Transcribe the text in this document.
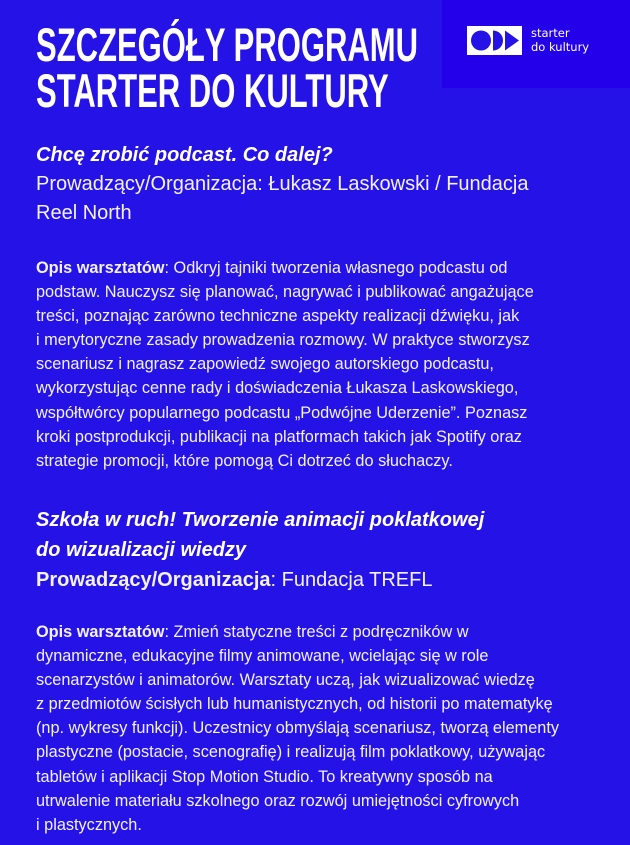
SZCZEGÓŁY PROGRAMU
STARTER DO KULTURY
starter
do kultury
Chcę zrobić podcast. Co dalej?
Prowadzący/Organizacja: Łukasz Laskowski / Fundacja
Reel North
Opis warsztatów: Odkryj tajniki tworzenia własnego podcastu od
podstaw. Nauczysz się planować, nagrywać i publikować angażujące
treści, poznając zarówno techniczne aspekty realizacji dźwięku, jak
i merytoryczne zasady prowadzenia rozmowy. W praktyce stworzysz
scenariusz i nagrasz zapowiedź swojego autorskiego podcastu,
wykorzystując cenne rady i doświadczenia Łukasza Laskowskiego,
współtwórcy popularnego podcastu „Podwójne Uderzenie”. Poznasz
kroki postprodukcji, publikacji na platformach takich jak Spotify oraz
strategie promocji, które pomogą Ci dotrzeć do słuchaczy.
Szkoła w ruch! Tworzenie animacji poklatkowej
do wizualizacji wiedzy
Prowadzący/Organizacja: Fundacja TREFL
Opis warsztatów: Zmień statyczne treści z podręczników w
dynamiczne, edukacyjne filmy animowane, wcielając się w role
scenarzystów i animatorów. Warsztaty uczą, jak wizualizować wiedzę
z przedmiotów ścisłych lub humanistycznych, od historii po matematykę
(np. wykresy funkcji). Uczestnicy obmyślają scenariusz, tworzą elementy
plastyczne (postacie, scenografię) i realizują film poklatkowy, używając
tabletów i aplikacji Stop Motion Studio. To kreatywny sposób na
utrwalenie materiału szkolnego oraz rozwój umiejętności cyfrowych
i plastycznych.
